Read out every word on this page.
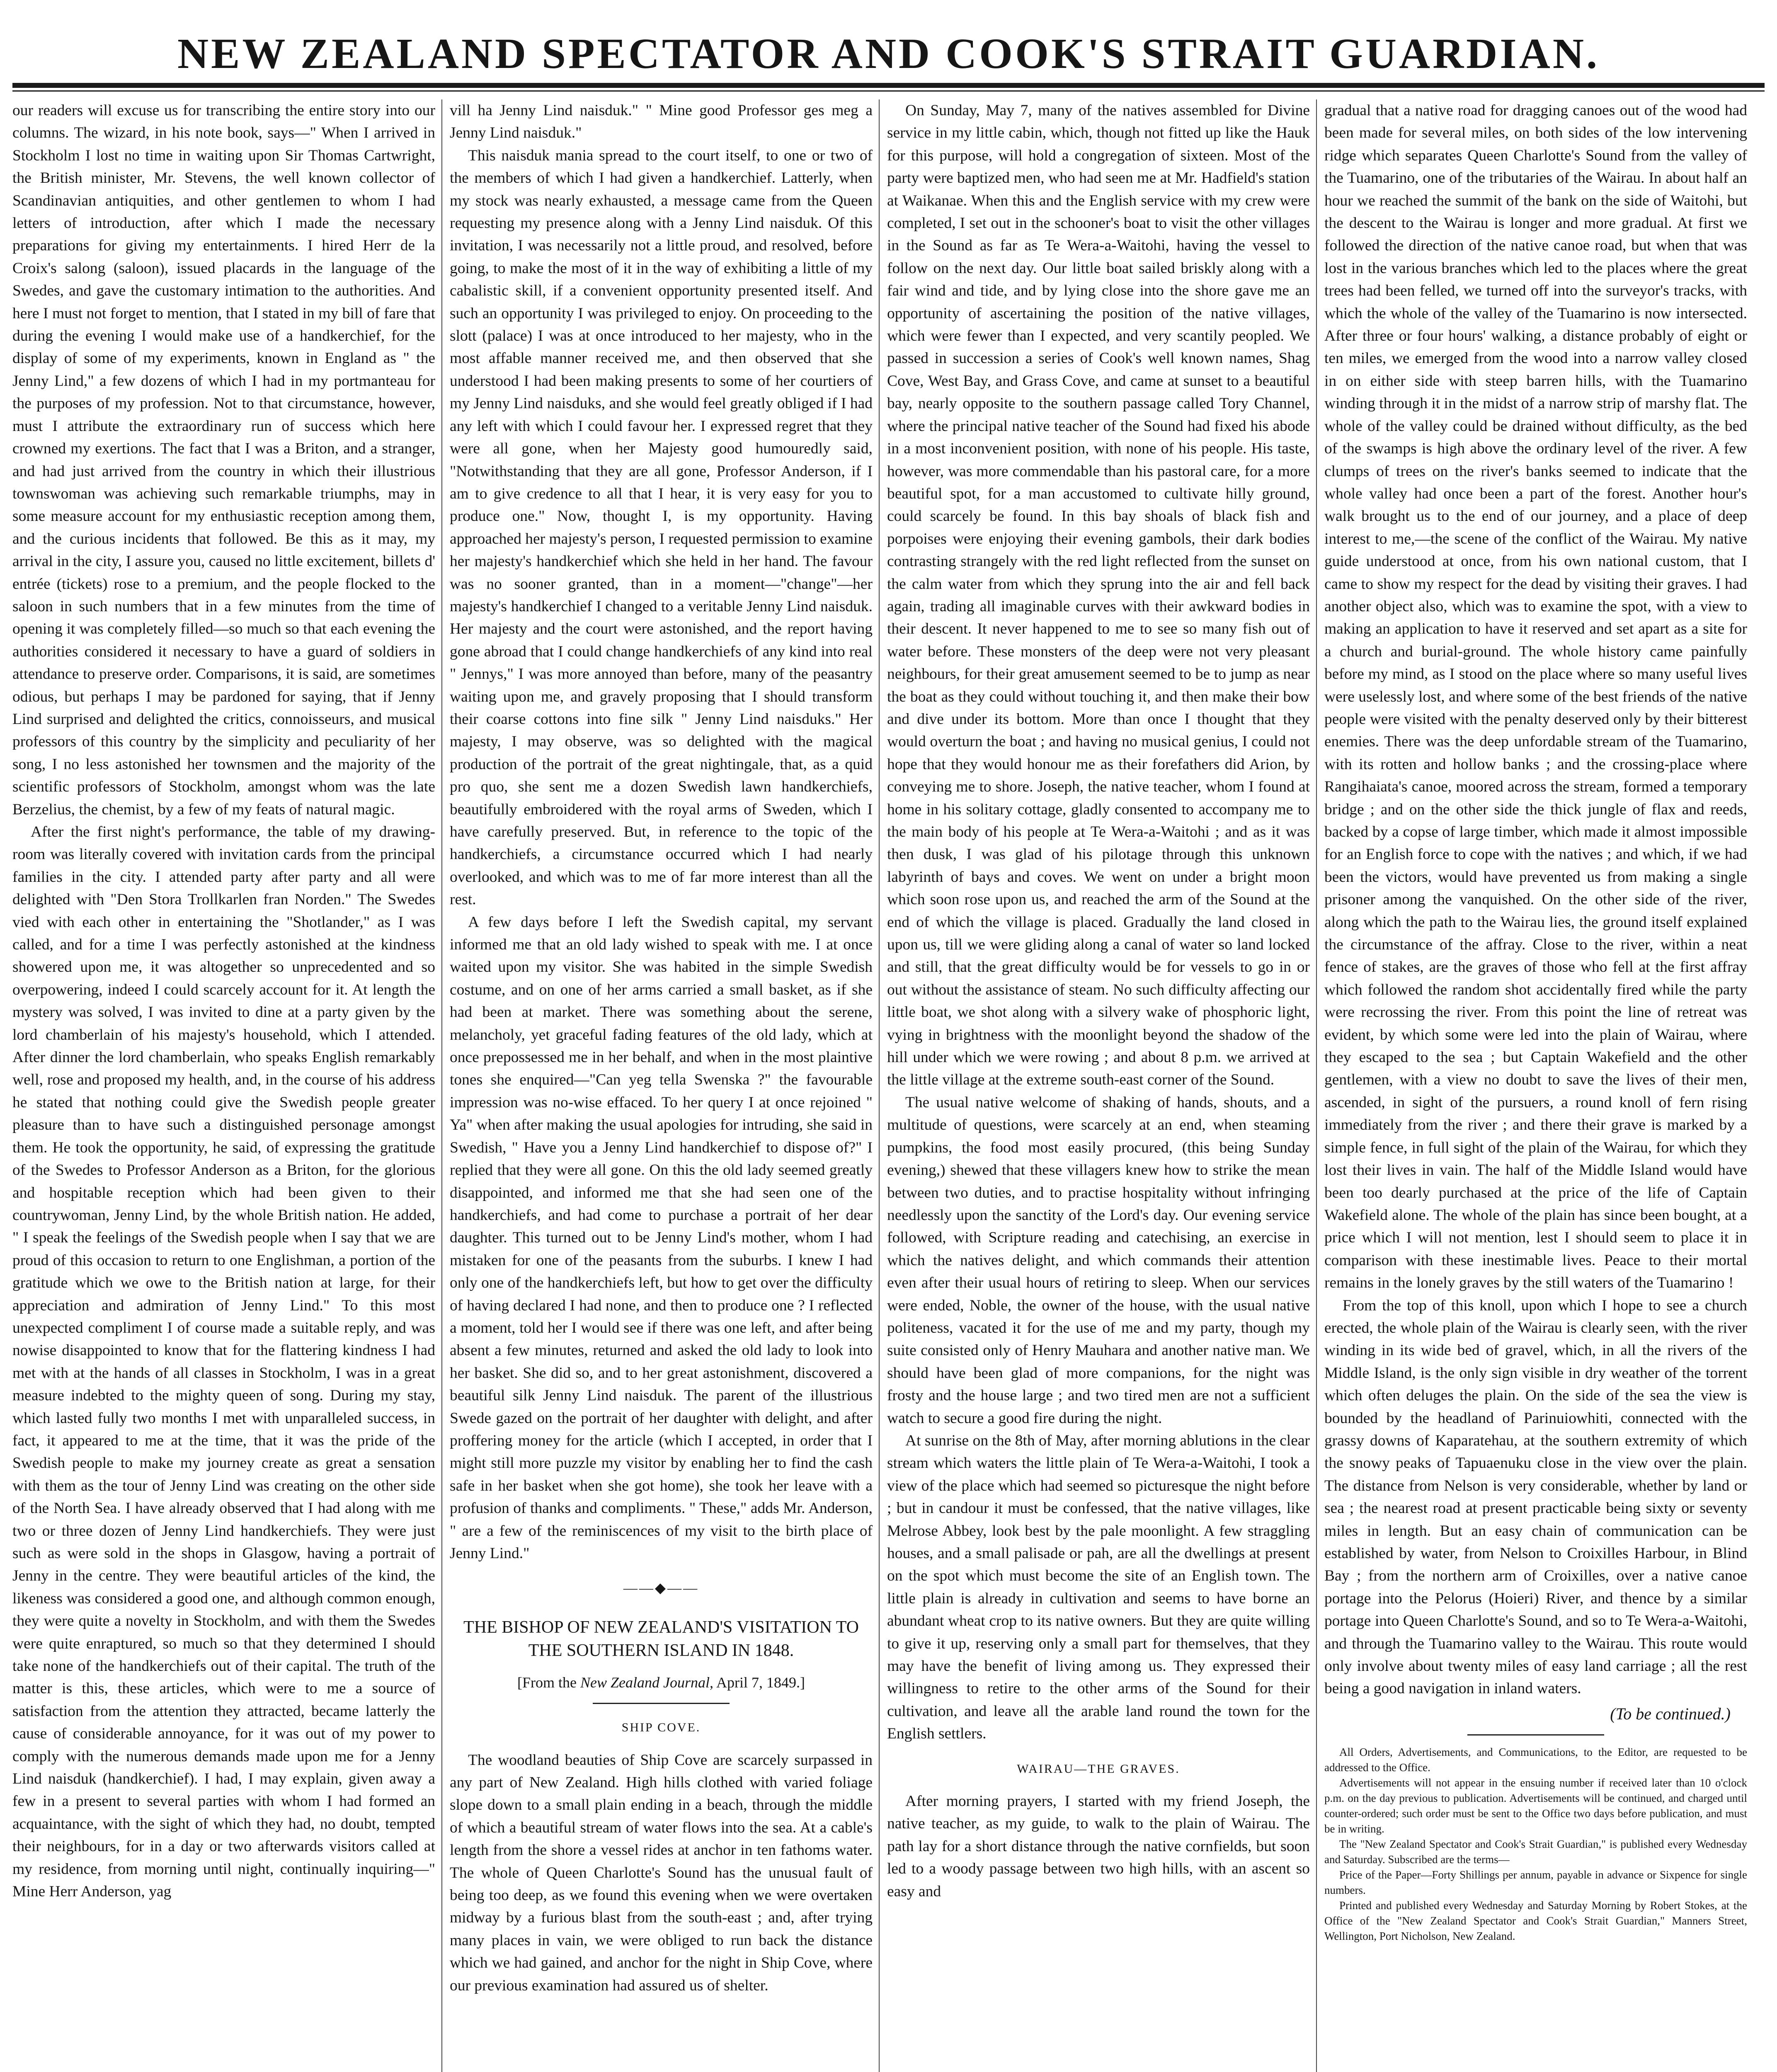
NEW ZEALAND SPECTATOR AND COOK'S STRAIT GUARDIAN.

our readers will excuse us for transcribing the entire story into our columns. The wizard, in his note book, says—" When I arrived in Stockholm I lost no time in waiting upon Sir Thomas Cartwright, the British minister, Mr. Stevens, the well known collector of Scandinavian antiquities, and other gentlemen to whom I had letters of introduction, after which I made the necessary preparations for giving my entertainments. I hired Herr de la Croix's salong (saloon), issued placards in the language of the Swedes, and gave the customary intimation to the authorities. And here I must not forget to mention, that I stated in my bill of fare that during the evening I would make use of a handkerchief, for the display of some of my experiments, known in England as " the Jenny Lind," a few dozens of which I had in my portmanteau for the purposes of my profession. Not to that circumstance, however, must I attribute the extraordinary run of success which here crowned my exertions. The fact that I was a Briton, and a stranger, and had just arrived from the country in which their illustrious townswoman was achieving such remarkable triumphs, may in some measure account for my enthusiastic reception among them, and the curious incidents that followed. Be this as it may, my arrival in the city, I assure you, caused no little excitement, billets d' entrée (tickets) rose to a premium, and the people flocked to the saloon in such numbers that in a few minutes from the time of opening it was completely filled—so much so that each evening the authorities considered it necessary to have a guard of soldiers in attendance to preserve order. Comparisons, it is said, are sometimes odious, but perhaps I may be pardoned for saying, that if Jenny Lind surprised and delighted the critics, connoisseurs, and musical professors of this country by the simplicity and peculiarity of her song, I no less astonished her townsmen and the majority of the scientific professors of Stockholm, amongst whom was the late Berzelius, the chemist, by a few of my feats of natural magic.

After the first night's performance, the table of my drawing-room was literally covered with invitation cards from the principal families in the city. I attended party after party and all were delighted with "Den Stora Trollkarlen fran Norden." The Swedes vied with each other in entertaining the "Shotlander," as I was called, and for a time I was perfectly astonished at the kindness showered upon me, it was altogether so unprecedented and so overpowering, indeed I could scarcely account for it. At length the mystery was solved, I was invited to dine at a party given by the lord chamberlain of his majesty's household, which I attended. After dinner the lord chamberlain, who speaks English remarkably well, rose and proposed my health, and, in the course of his address he stated that nothing could give the Swedish people greater pleasure than to have such a distinguished personage amongst them. He took the opportunity, he said, of expressing the gratitude of the Swedes to Professor Anderson as a Briton, for the glorious and hospitable reception which had been given to their countrywoman, Jenny Lind, by the whole British nation. He added, " I speak the feelings of the Swedish people when I say that we are proud of this occasion to return to one Englishman, a portion of the gratitude which we owe to the British nation at large, for their appreciation and admiration of Jenny Lind." To this most unexpected compliment I of course made a suitable reply, and was nowise disappointed to know that for the flattering kindness I had met with at the hands of all classes in Stockholm, I was in a great measure indebted to the mighty queen of song. During my stay, which lasted fully two months I met with unparalleled success, in fact, it appeared to me at the time, that it was the pride of the Swedish people to make my journey create as great a sensation with them as the tour of Jenny Lind was creating on the other side of the North Sea. I have already observed that I had along with me two or three dozen of Jenny Lind handkerchiefs. They were just such as were sold in the shops in Glasgow, having a portrait of Jenny in the centre. They were beautiful articles of the kind, the likeness was considered a good one, and although common enough, they were quite a novelty in Stockholm, and with them the Swedes were quite enraptured, so much so that they determined I should take none of the handkerchiefs out of their capital. The truth of the matter is this, these articles, which were to me a source of satisfaction from the attention they attracted, became latterly the cause of considerable annoyance, for it was out of my power to comply with the numerous demands made upon me for a Jenny Lind naisduk (handkerchief). I had, I may explain, given away a few in a present to several parties with whom I had formed an acquaintance, with the sight of which they had, no doubt, tempted their neighbours, for in a day or two afterwards visitors called at my residence, from morning until night, continually inquiring—" Mine Herr Anderson, yag

vill ha Jenny Lind naisduk." " Mine good Professor ges meg a Jenny Lind naisduk."

This naisduk mania spread to the court itself, to one or two of the members of which I had given a handkerchief. Latterly, when my stock was nearly exhausted, a message came from the Queen requesting my presence along with a Jenny Lind naisduk. Of this invitation, I was necessarily not a little proud, and resolved, before going, to make the most of it in the way of exhibiting a little of my cabalistic skill, if a convenient opportunity presented itself. And such an opportunity I was privileged to enjoy. On proceeding to the slott (palace) I was at once introduced to her majesty, who in the most affable manner received me, and then observed that she understood I had been making presents to some of her courtiers of my Jenny Lind naisduks, and she would feel greatly obliged if I had any left with which I could favour her. I expressed regret that they were all gone, when her Majesty good humouredly said, "Notwithstanding that they are all gone, Professor Anderson, if I am to give credence to all that I hear, it is very easy for you to produce one." Now, thought I, is my opportunity. Having approached her majesty's person, I requested permission to examine her majesty's handkerchief which she held in her hand. The favour was no sooner granted, than in a moment—"change"—her majesty's handkerchief I changed to a veritable Jenny Lind naisduk. Her majesty and the court were astonished, and the report having gone abroad that I could change handkerchiefs of any kind into real " Jennys," I was more annoyed than before, many of the peasantry waiting upon me, and gravely proposing that I should transform their coarse cottons into fine silk " Jenny Lind naisduks." Her majesty, I may observe, was so delighted with the magical production of the portrait of the great nightingale, that, as a quid pro quo, she sent me a dozen Swedish lawn handkerchiefs, beautifully embroidered with the royal arms of Sweden, which I have carefully preserved. But, in reference to the topic of the handkerchiefs, a circumstance occurred which I had nearly overlooked, and which was to me of far more interest than all the rest.

A few days before I left the Swedish capital, my servant informed me that an old lady wished to speak with me. I at once waited upon my visitor. She was habited in the simple Swedish costume, and on one of her arms carried a small basket, as if she had been at market. There was something about the serene, melancholy, yet graceful fading features of the old lady, which at once prepossessed me in her behalf, and when in the most plaintive tones she enquired—"Can yeg tella Swenska ?" the favourable impression was no-wise effaced. To her query I at once rejoined " Ya" when after making the usual apologies for intruding, she said in Swedish, " Have you a Jenny Lind handkerchief to dispose of?" I replied that they were all gone. On this the old lady seemed greatly disappointed, and informed me that she had seen one of the handkerchiefs, and had come to purchase a portrait of her dear daughter. This turned out to be Jenny Lind's mother, whom I had mistaken for one of the peasants from the suburbs. I knew I had only one of the handkerchiefs left, but how to get over the difficulty of having declared I had none, and then to produce one ? I reflected a moment, told her I would see if there was one left, and after being absent a few minutes, returned and asked the old lady to look into her basket. She did so, and to her great astonishment, discovered a beautiful silk Jenny Lind naisduk. The parent of the illustrious Swede gazed on the portrait of her daughter with delight, and after proffering money for the article (which I accepted, in order that I might still more puzzle my visitor by enabling her to find the cash safe in her basket when she got home), she took her leave with a profusion of thanks and compliments. " These," adds Mr. Anderson, " are a few of the reminiscences of my visit to the birth place of Jenny Lind."

——◆——
THE BISHOP OF NEW ZEALAND'S VISITATION TO THE SOUTHERN ISLAND IN 1848.
[From the New Zealand Journal, April 7, 1849.]
SHIP COVE.

The woodland beauties of Ship Cove are scarcely surpassed in any part of New Zealand. High hills clothed with varied foliage slope down to a small plain ending in a beach, through the middle of which a beautiful stream of water flows into the sea. At a cable's length from the shore a vessel rides at anchor in ten fathoms water. The whole of Queen Charlotte's Sound has the unusual fault of being too deep, as we found this evening when we were overtaken midway by a furious blast from the south-east ; and, after trying many places in vain, we were obliged to run back the distance which we had gained, and anchor for the night in Ship Cove, where our previous examination had assured us of shelter.

On Sunday, May 7, many of the natives assembled for Divine service in my little cabin, which, though not fitted up like the Hauk for this purpose, will hold a congregation of sixteen. Most of the party were baptized men, who had seen me at Mr. Hadfield's station at Waikanae. When this and the English service with my crew were completed, I set out in the schooner's boat to visit the other villages in the Sound as far as Te Wera-a-Waitohi, having the vessel to follow on the next day. Our little boat sailed briskly along with a fair wind and tide, and by lying close into the shore gave me an opportunity of ascertaining the position of the native villages, which were fewer than I expected, and very scantily peopled. We passed in succession a series of Cook's well known names, Shag Cove, West Bay, and Grass Cove, and came at sunset to a beautiful bay, nearly opposite to the southern passage called Tory Channel, where the principal native teacher of the Sound had fixed his abode in a most inconvenient position, with none of his people. His taste, however, was more commendable than his pastoral care, for a more beautiful spot, for a man accustomed to cultivate hilly ground, could scarcely be found. In this bay shoals of black fish and porpoises were enjoying their evening gambols, their dark bodies contrasting strangely with the red light reflected from the sunset on the calm water from which they sprung into the air and fell back again, trading all imaginable curves with their awkward bodies in their descent. It never happened to me to see so many fish out of water before. These monsters of the deep were not very pleasant neighbours, for their great amusement seemed to be to jump as near the boat as they could without touching it, and then make their bow and dive under its bottom. More than once I thought that they would overturn the boat ; and having no musical genius, I could not hope that they would honour me as their forefathers did Arion, by conveying me to shore. Joseph, the native teacher, whom I found at home in his solitary cottage, gladly consented to accompany me to the main body of his people at Te Wera-a-Waitohi ; and as it was then dusk, I was glad of his pilotage through this unknown labyrinth of bays and coves. We went on under a bright moon which soon rose upon us, and reached the arm of the Sound at the end of which the village is placed. Gradually the land closed in upon us, till we were gliding along a canal of water so land locked and still, that the great difficulty would be for vessels to go in or out without the assistance of steam. No such difficulty affecting our little boat, we shot along with a silvery wake of phosphoric light, vying in brightness with the moonlight beyond the shadow of the hill under which we were rowing ; and about 8 p.m. we arrived at the little village at the extreme south-east corner of the Sound.

The usual native welcome of shaking of hands, shouts, and a multitude of questions, were scarcely at an end, when steaming pumpkins, the food most easily procured, (this being Sunday evening,) shewed that these villagers knew how to strike the mean between two duties, and to practise hospitality without infringing needlessly upon the sanctity of the Lord's day. Our evening service followed, with Scripture reading and catechising, an exercise in which the natives delight, and which commands their attention even after their usual hours of retiring to sleep. When our services were ended, Noble, the owner of the house, with the usual native politeness, vacated it for the use of me and my party, though my suite consisted only of Henry Mauhara and another native man. We should have been glad of more companions, for the night was frosty and the house large ; and two tired men are not a sufficient watch to secure a good fire during the night.

At sunrise on the 8th of May, after morning ablutions in the clear stream which waters the little plain of Te Wera-a-Waitohi, I took a view of the place which had seemed so picturesque the night before ; but in candour it must be confessed, that the native villages, like Melrose Abbey, look best by the pale moonlight. A few straggling houses, and a small palisade or pah, are all the dwellings at present on the spot which must become the site of an English town. The little plain is already in cultivation and seems to have borne an abundant wheat crop to its native owners. But they are quite willing to give it up, reserving only a small part for themselves, that they may have the benefit of living among us. They expressed their willingness to retire to the other arms of the Sound for their cultivation, and leave all the arable land round the town for the English settlers.

WAIRAU—THE GRAVES.

After morning prayers, I started with my friend Joseph, the native teacher, as my guide, to walk to the plain of Wairau. The path lay for a short distance through the native cornfields, but soon led to a woody passage between two high hills, with an ascent so easy and

gradual that a native road for dragging canoes out of the wood had been made for several miles, on both sides of the low intervening ridge which separates Queen Charlotte's Sound from the valley of the Tuamarino, one of the tributaries of the Wairau. In about half an hour we reached the summit of the bank on the side of Waitohi, but the descent to the Wairau is longer and more gradual. At first we followed the direction of the native canoe road, but when that was lost in the various branches which led to the places where the great trees had been felled, we turned off into the surveyor's tracks, with which the whole of the valley of the Tuamarino is now intersected. After three or four hours' walking, a distance probably of eight or ten miles, we emerged from the wood into a narrow valley closed in on either side with steep barren hills, with the Tuamarino winding through it in the midst of a narrow strip of marshy flat. The whole of the valley could be drained without difficulty, as the bed of the swamps is high above the ordinary level of the river. A few clumps of trees on the river's banks seemed to indicate that the whole valley had once been a part of the forest. Another hour's walk brought us to the end of our journey, and a place of deep interest to me,—the scene of the conflict of the Wairau. My native guide understood at once, from his own national custom, that I came to show my respect for the dead by visiting their graves. I had another object also, which was to examine the spot, with a view to making an application to have it reserved and set apart as a site for a church and burial-ground. The whole history came painfully before my mind, as I stood on the place where so many useful lives were uselessly lost, and where some of the best friends of the native people were visited with the penalty deserved only by their bitterest enemies. There was the deep unfordable stream of the Tuamarino, with its rotten and hollow banks ; and the crossing-place where Rangihaiata's canoe, moored across the stream, formed a temporary bridge ; and on the other side the thick jungle of flax and reeds, backed by a copse of large timber, which made it almost impossible for an English force to cope with the natives ; and which, if we had been the victors, would have prevented us from making a single prisoner among the vanquished. On the other side of the river, along which the path to the Wairau lies, the ground itself explained the circumstance of the affray. Close to the river, within a neat fence of stakes, are the graves of those who fell at the first affray which followed the random shot accidentally fired while the party were recrossing the river. From this point the line of retreat was evident, by which some were led into the plain of Wairau, where they escaped to the sea ; but Captain Wakefield and the other gentlemen, with a view no doubt to save the lives of their men, ascended, in sight of the pursuers, a round knoll of fern rising immediately from the river ; and there their grave is marked by a simple fence, in full sight of the plain of the Wairau, for which they lost their lives in vain. The half of the Middle Island would have been too dearly purchased at the price of the life of Captain Wakefield alone. The whole of the plain has since been bought, at a price which I will not mention, lest I should seem to place it in comparison with these inestimable lives. Peace to their mortal remains in the lonely graves by the still waters of the Tuamarino !

From the top of this knoll, upon which I hope to see a church erected, the whole plain of the Wairau is clearly seen, with the river winding in its wide bed of gravel, which, in all the rivers of the Middle Island, is the only sign visible in dry weather of the torrent which often deluges the plain. On the side of the sea the view is bounded by the headland of Parinuiowhiti, connected with the grassy downs of Kaparatehau, at the southern extremity of which the snowy peaks of Tapuaenuku close in the view over the plain. The distance from Nelson is very considerable, whether by land or sea ; the nearest road at present practicable being sixty or seventy miles in length. But an easy chain of communication can be established by water, from Nelson to Croixilles Harbour, in Blind Bay ; from the northern arm of Croixilles, over a native canoe portage into the Pelorus (Hoieri) River, and thence by a similar portage into Queen Charlotte's Sound, and so to Te Wera-a-Waitohi, and through the Tuamarino valley to the Wairau. This route would only involve about twenty miles of easy land carriage ; all the rest being a good navigation in inland waters.

(To be continued.)

All Orders, Advertisements, and Communications, to the Editor, are requested to be addressed to the Office.

Advertisements will not appear in the ensuing number if received later than 10 o'clock p.m. on the day previous to publication. Advertisements will be continued, and charged until counter-ordered; such order must be sent to the Office two days before publication, and must be in writing.

The "New Zealand Spectator and Cook's Strait Guardian," is published every Wednesday and Saturday. Subscribed are the terms—

Price of the Paper—Forty Shillings per annum, payable in advance or Sixpence for single numbers.

Printed and published every Wednesday and Saturday Morning by Robert Stokes, at the Office of the "New Zealand Spectator and Cook's Strait Guardian," Manners Street, Wellington, Port Nicholson, New Zealand.
